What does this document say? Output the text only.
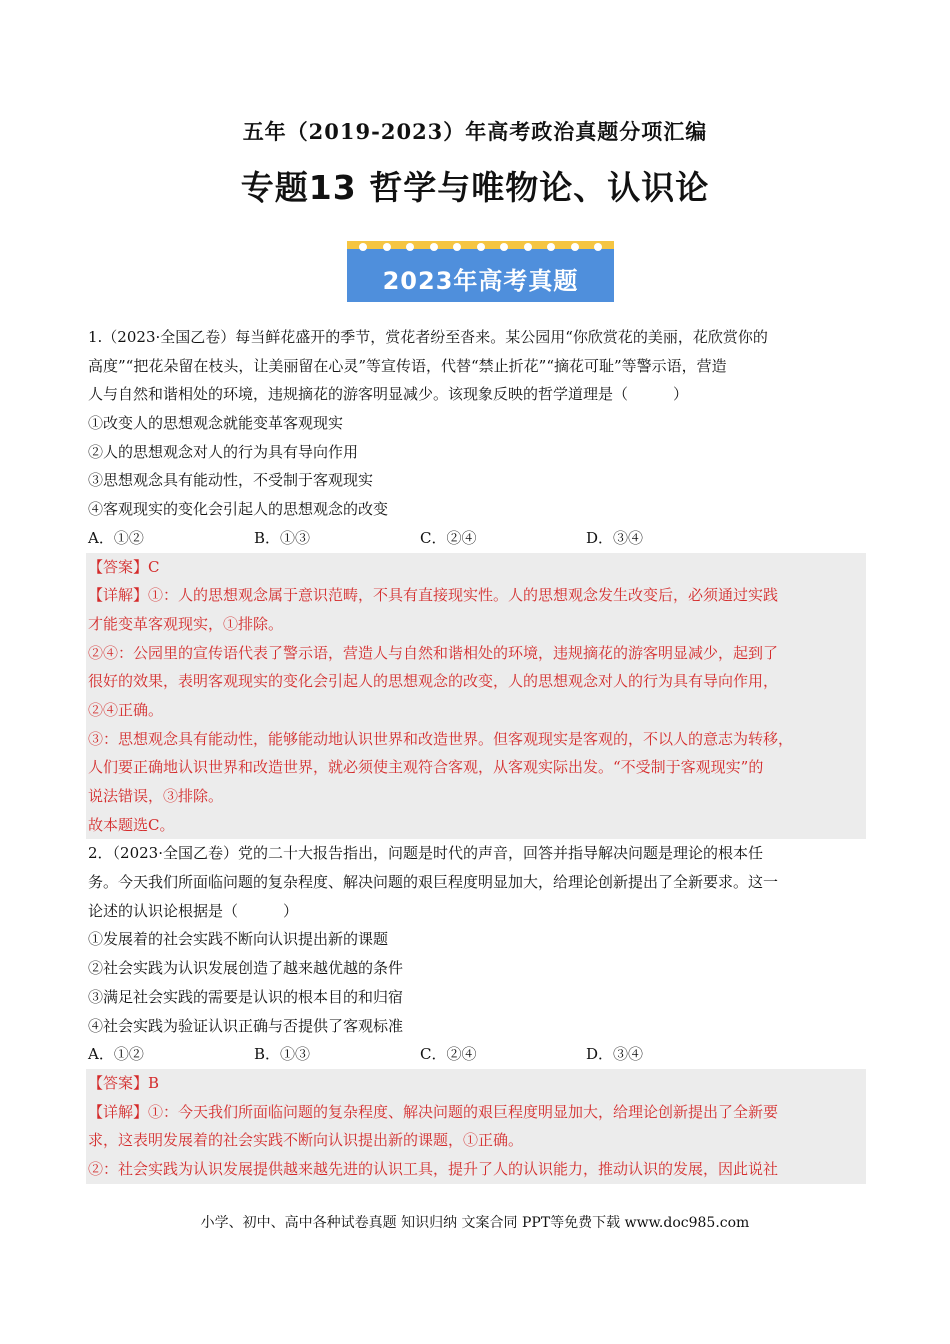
五年（2019-2023）年高考政治真题分项汇编
专题13 哲学与唯物论、认识论
2023年高考真题
1.（2023·全国乙卷）每当鲜花盛开的季节，赏花者纷至沓来。某公园用“你欣赏花的美丽，花欣赏你的
高度”“把花朵留在枝头，让美丽留在心灵”等宣传语，代替“禁止折花”“摘花可耻”等警示语，营造
人与自然和谐相处的环境，违规摘花的游客明显减少。该现象反映的哲学道理是（　　　）
①改变人的思想观念就能变革客观现实
②人的思想观念对人的行为具有导向作用
③思想观念具有能动性，不受制于客观现实
④客观现实的变化会引起人的思想观念的改变
A．①②	B．①③	C．②④	D．③④
【答案】C
【详解】①：人的思想观念属于意识范畴，不具有直接现实性。人的思想观念发生改变后，必须通过实践
才能变革客观现实，①排除。
②④：公园里的宣传语代表了警示语，营造人与自然和谐相处的环境，违规摘花的游客明显减少，起到了
很好的效果，表明客观现实的变化会引起人的思想观念的改变，人的思想观念对人的行为具有导向作用，
②④正确。
③：思想观念具有能动性，能够能动地认识世界和改造世界。但客观现实是客观的，不以人的意志为转移，
人们要正确地认识世界和改造世界，就必须使主观符合客观，从客观实际出发。“不受制于客观现实”的
说法错误，③排除。
故本题选C。
2．（2023·全国乙卷）党的二十大报告指出，问题是时代的声音，回答并指导解决问题是理论的根本任
务。今天我们所面临问题的复杂程度、解决问题的艰巨程度明显加大，给理论创新提出了全新要求。这一
论述的认识论根据是（　　　）
①发展着的社会实践不断向认识提出新的课题
②社会实践为认识发展创造了越来越优越的条件
③满足社会实践的需要是认识的根本目的和归宿
④社会实践为验证认识正确与否提供了客观标准
A．①②	B．①③	C．②④	D．③④
【答案】B
【详解】①：今天我们所面临问题的复杂程度、解决问题的艰巨程度明显加大，给理论创新提出了全新要
求，这表明发展着的社会实践不断向认识提出新的课题，①正确。
②：社会实践为认识发展提供越来越先进的认识工具，提升了人的认识能力，推动认识的发展，因此说社
小学、初中、高中各种试卷真题 知识归纳 文案合同 PPT等免费下载 www.doc985.com
